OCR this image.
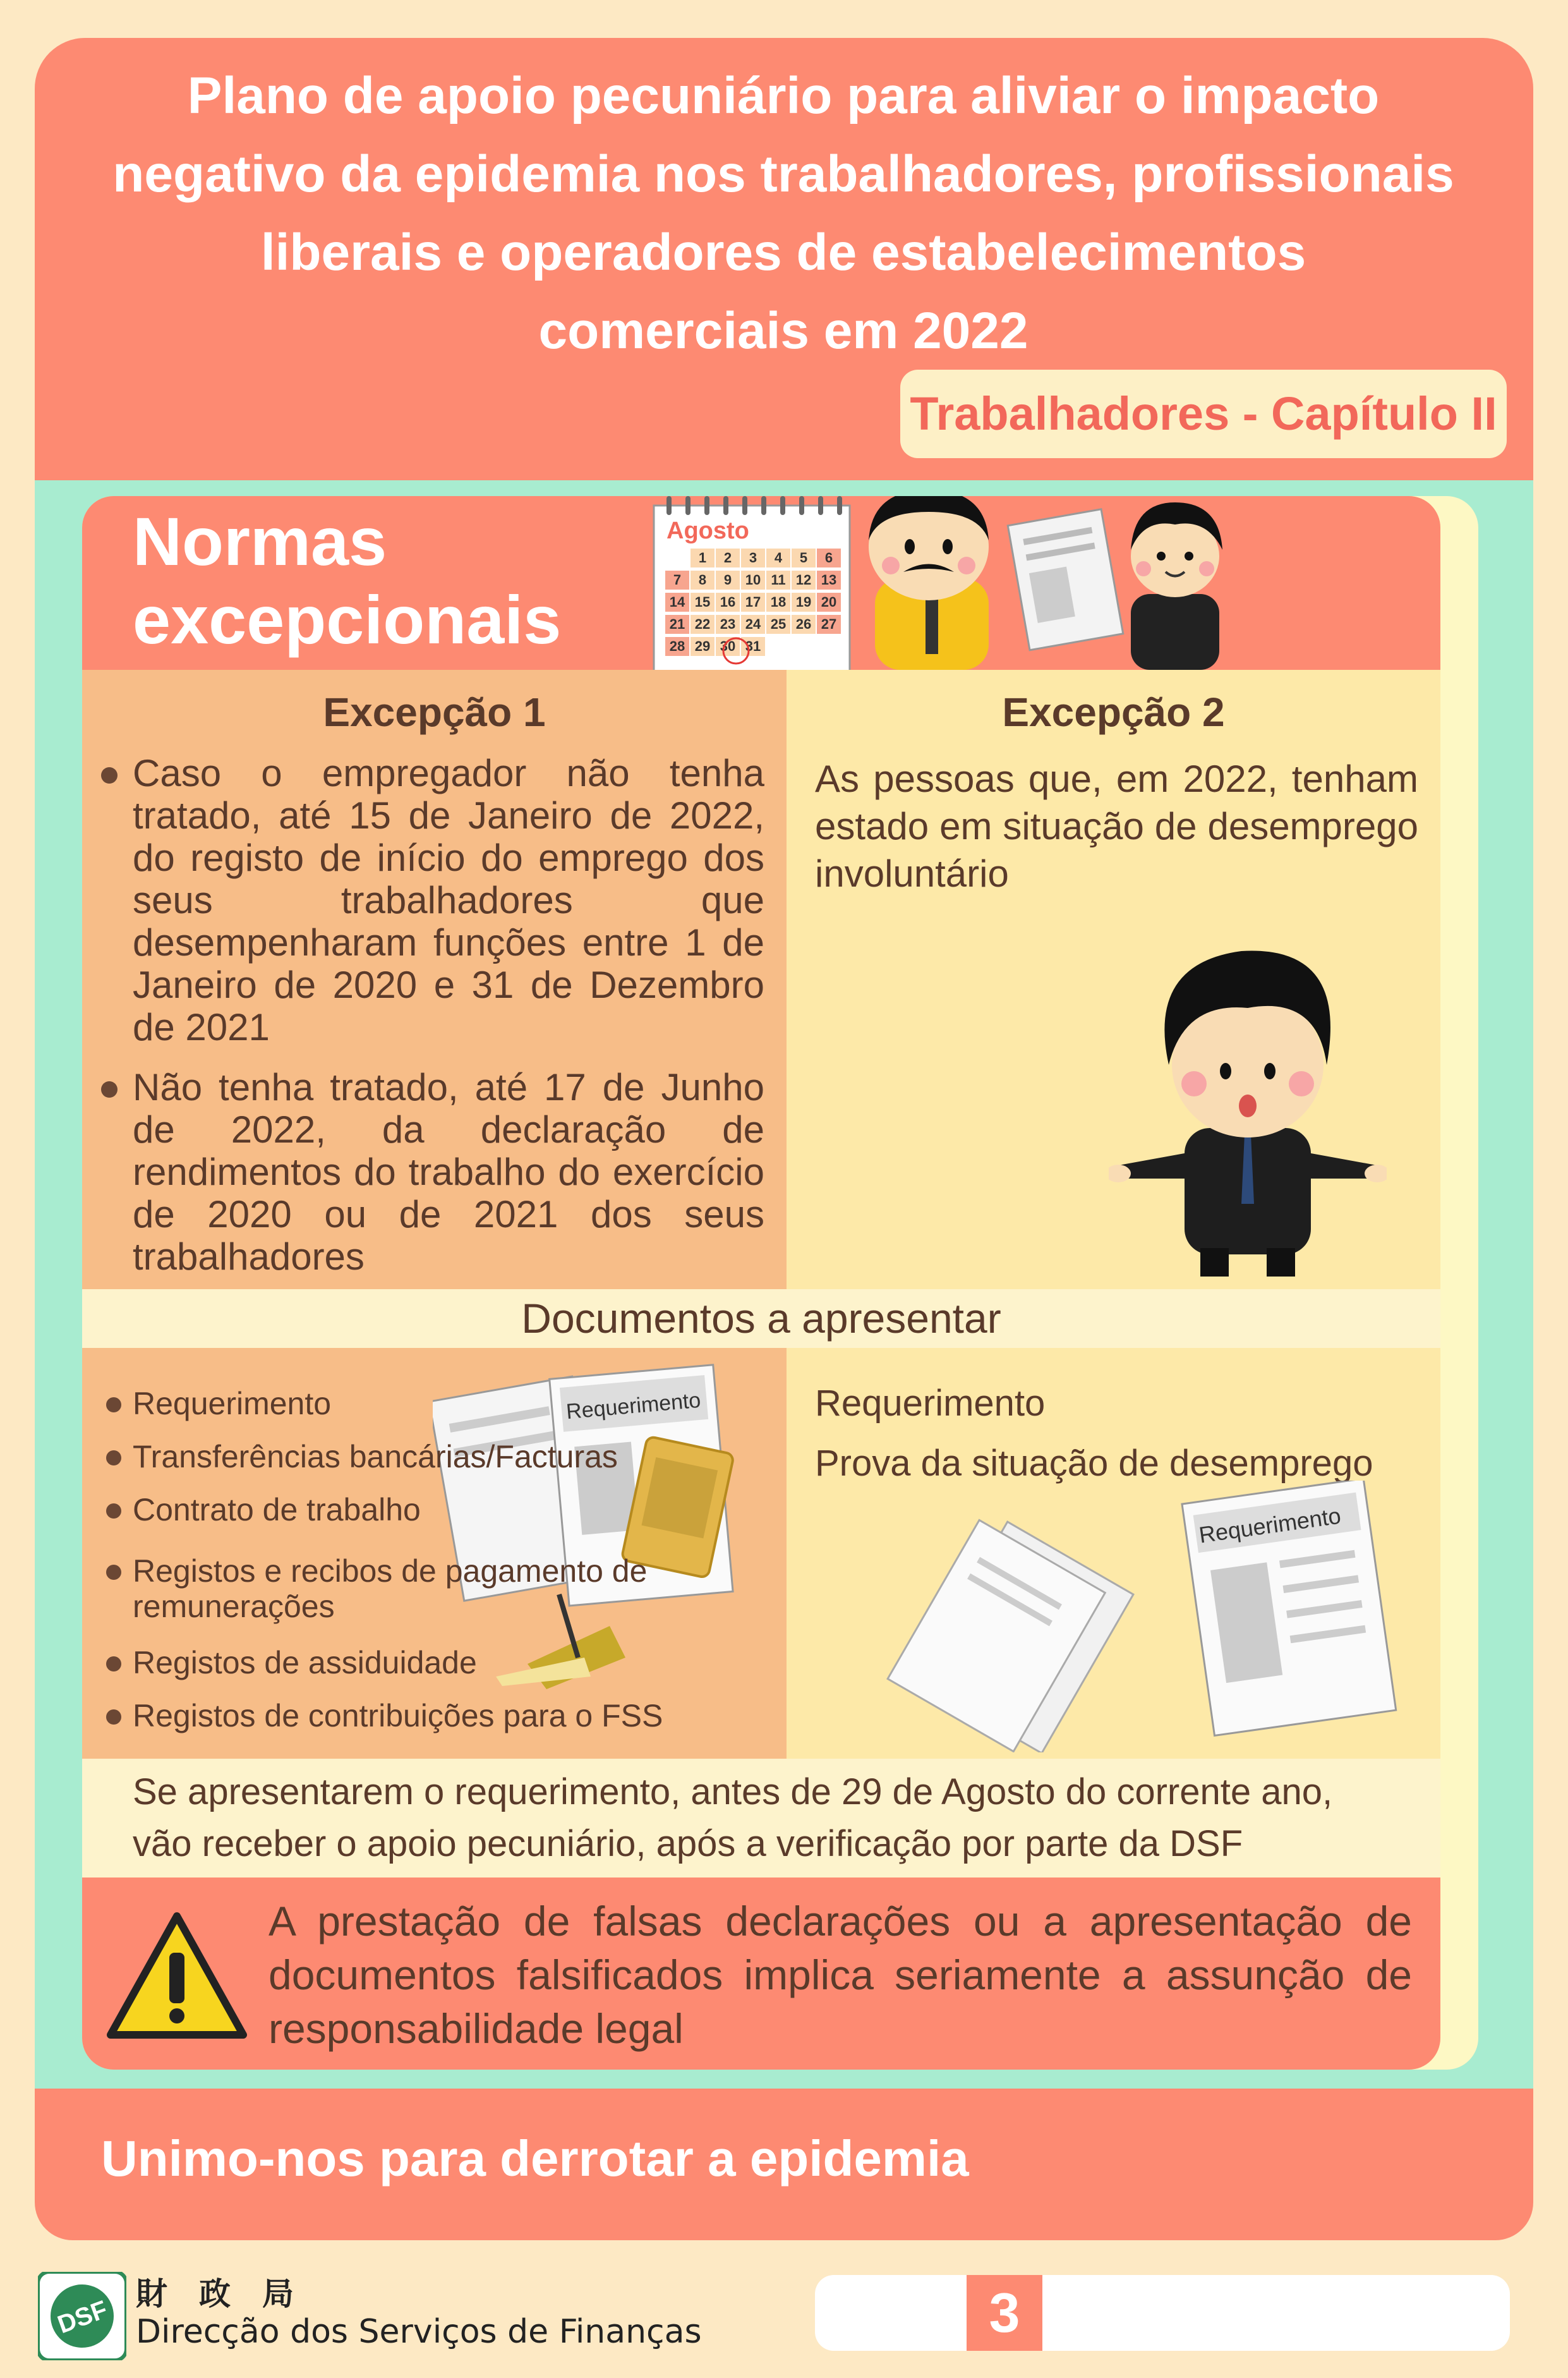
Plano de apoio pecuniário para aliviar o impacto
negativo da epidemia nos trabalhadores, profissionais
liberais e operadores de estabelecimentos
comerciais em 2022
Trabalhadores - Capítulo II
Normas
excepcionais
Agosto
1 2 3 4 5 6
7 8 9 10 11 12 13
14 15 16 17 18 19 20
21 22 23 24 25 26 27
28 29 30 31
Excepção 1
Caso o empregador não tenha tratado, até 15 de Janeiro de 2022, do registo de início do emprego dos seus trabalhadores que desempenharam funções entre 1 de Janeiro de 2020 e 31 de Dezembro de 2021
Não tenha tratado, até 17 de Junho de 2022, da declaração de rendimentos do trabalho do exercício de 2020 ou de 2021 dos seus trabalhadores
Excepção 2
As pessoas que, em 2022, tenham estado em situação de desemprego involuntário
Documentos a apresentar
Requerimento
Requerimento
Transferências bancárias/Facturas
Contrato de trabalho
Registos e recibos de pagamento de remunerações
Registos de assiduidade
Registos de contribuições para o FSS
Requerimento
Prova da situação de desemprego
Requerimento
Se apresentarem o requerimento, antes de 29 de Agosto do corrente ano,
vão receber o apoio pecuniário, após a verificação por parte da DSF
A prestação de falsas declarações ou a apresentação de documentos falsificados implica seriamente a assunção de responsabilidade legal
Unimo-nos para derrotar a epidemia
DSF
財　政　局
Direcção dos Serviços de Finanças	3
